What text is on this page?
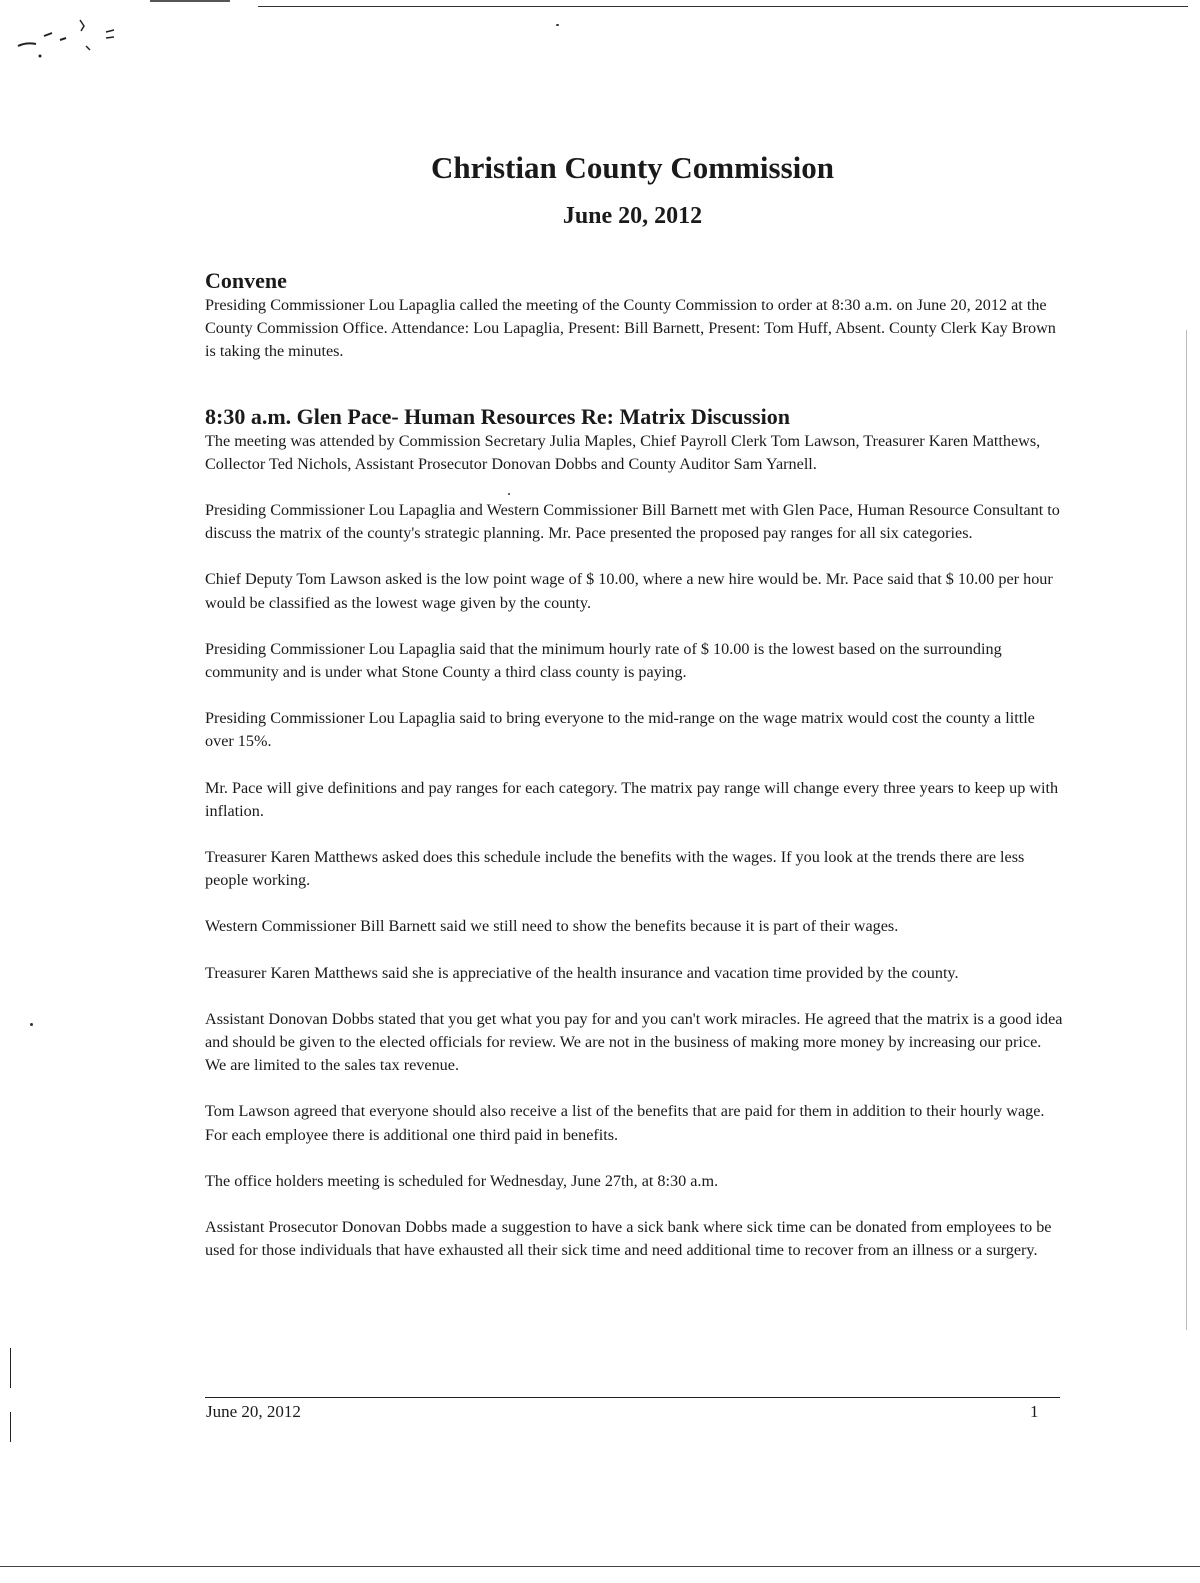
Christian County Commission
June 20, 2012
Convene

Presiding Commissioner Lou Lapaglia called the meeting of the County Commission to order at 8:30 a.m. on June 20, 2012 at the County Commission Office. Attendance: Lou Lapaglia, Present: Bill Barnett, Present: Tom Huff, Absent. County Clerk Kay Brown is taking the minutes.

8:30 a.m. Glen Pace- Human Resources Re: Matrix Discussion

The meeting was attended by Commission Secretary Julia Maples, Chief Payroll Clerk Tom Lawson, Treasurer Karen Matthews, Collector Ted Nichols, Assistant Prosecutor Donovan Dobbs and County Auditor Sam Yarnell.

Presiding Commissioner Lou Lapaglia and Western Commissioner Bill Barnett met with Glen Pace, Human Resource Consultant to discuss the matrix of the county's strategic planning. Mr. Pace presented the proposed pay ranges for all six categories.

Chief Deputy Tom Lawson asked is the low point wage of $ 10.00, where a new hire would be. Mr. Pace said that $ 10.00 per hour would be classified as the lowest wage given by the county.

Presiding Commissioner Lou Lapaglia said that the minimum hourly rate of $ 10.00 is the lowest based on the surrounding community and is under what Stone County a third class county is paying.

Presiding Commissioner Lou Lapaglia said to bring everyone to the mid-range on the wage matrix would cost the county a little over 15%.

Mr. Pace will give definitions and pay ranges for each category. The matrix pay range will change every three years to keep up with inflation.

Treasurer Karen Matthews asked does this schedule include the benefits with the wages. If you look at the trends there are less people working.

Western Commissioner Bill Barnett said we still need to show the benefits because it is part of their wages.

Treasurer Karen Matthews said she is appreciative of the health insurance and vacation time provided by the county.

Assistant Donovan Dobbs stated that you get what you pay for and you can't work miracles. He agreed that the matrix is a good idea and should be given to the elected officials for review. We are not in the business of making more money by increasing our price. We are limited to the sales tax revenue.

Tom Lawson agreed that everyone should also receive a list of the benefits that are paid for them in addition to their hourly wage. For each employee there is additional one third paid in benefits.

The office holders meeting is scheduled for Wednesday, June 27th, at 8:30 a.m.

Assistant Prosecutor Donovan Dobbs made a suggestion to have a sick bank where sick time can be donated from employees to be used for those individuals that have exhausted all their sick time and need additional time to recover from an illness or a surgery.

June 20, 2012	1
